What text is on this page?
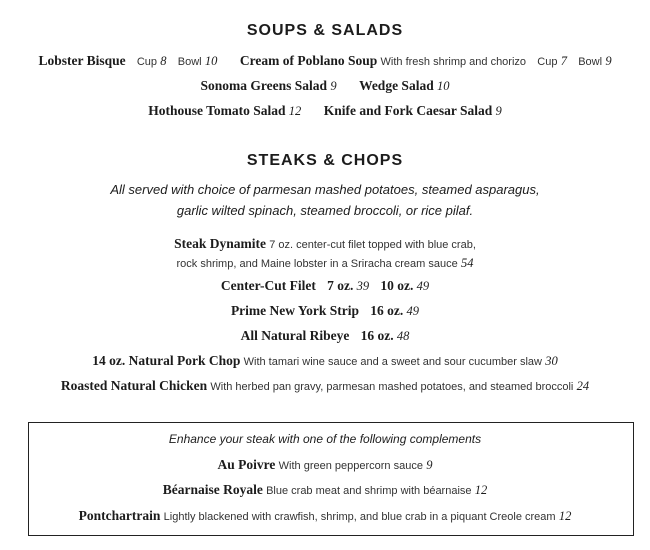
SOUPS & SALADS
Lobster Bisque Cup 8 Bowl 10 Cream of Poblano Soup With fresh shrimp and chorizo Cup 7 Bowl 9
Sonoma Greens Salad 9 Wedge Salad 10
Hothouse Tomato Salad 12 Knife and Fork Caesar Salad 9
STEAKS & CHOPS
All served with choice of parmesan mashed potatoes, steamed asparagus,
garlic wilted spinach, steamed broccoli, or rice pilaf.
Steak Dynamite 7 oz. center-cut filet topped with blue crab,
rock shrimp, and Maine lobster in a Sriracha cream sauce 54
Center-Cut Filet 7 oz. 39 10 oz. 49
Prime New York Strip 16 oz. 49
All Natural Ribeye 16 oz. 48
14 oz. Natural Pork Chop With tamari wine sauce and a sweet and sour cucumber slaw 30
Roasted Natural Chicken With herbed pan gravy, parmesan mashed potatoes, and steamed broccoli 24
Enhance your steak with one of the following complements
Au Poivre With green peppercorn sauce 9
Béarnaise Royale Blue crab meat and shrimp with béarnaise 12
Pontchartrain Lightly blackened with crawfish, shrimp, and blue crab in a piquant Creole cream 12
